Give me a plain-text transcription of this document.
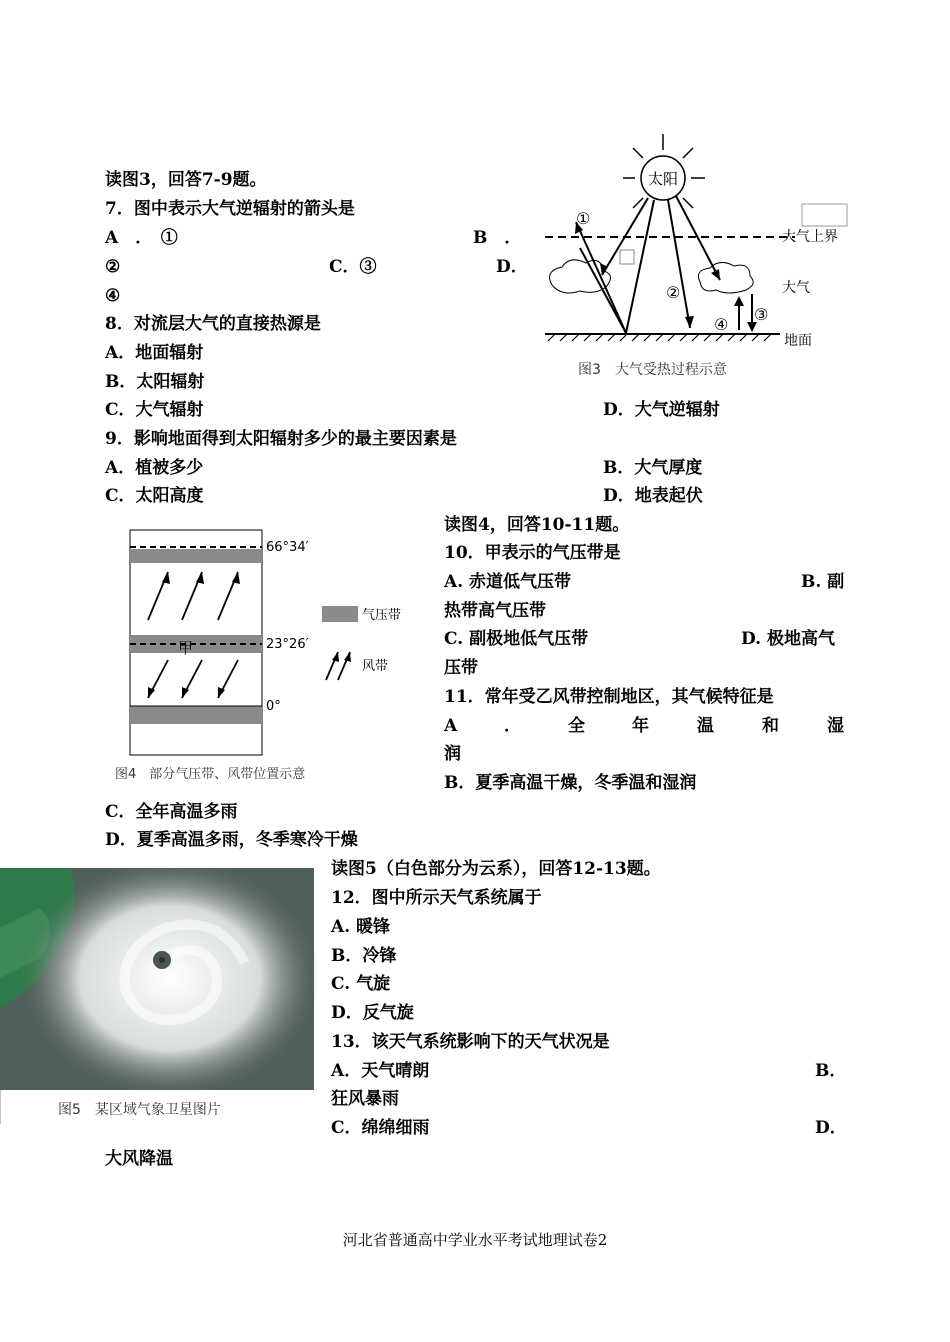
读图3，回答7-9题。
7．图中表示大气逆辐射的箭头是
A　．　①	B　．
②	C．③	D．
④
8．对流层大气的直接热源是
A．地面辐射
B．太阳辐射
C．大气辐射	D．大气逆辐射
9．影响地面得到太阳辐射多少的最主要因素是
A．植被多少	B．大气厚度
C．太阳高度	D．地表起伏
太阳
大气上界
大气
地面
①
②
③
④
图3　大气受热过程示意
甲
66°34′
23°26′
0°
气压带
风带
图4　部分气压带、风带位置示意
读图4，回答10-11题。
10．甲表示的气压带是
A. 赤道低气压带	B. 副
热带高气压带
C. 副极地低气压带	D. 极地高气
压带
11．常年受乙风带控制地区，其气候特征是
A	．	全	年	温	和	湿
润
B．夏季高温干燥，冬季温和湿润
C．全年高温多雨
D．夏季高温多雨，冬季寒冷干燥
图5　某区域气象卫星图片
读图5（白色部分为云系），回答12-13题。
12．图中所示天气系统属于
A. 暖锋
B．冷锋
C. 气旋
D．反气旋
13．该天气系统影响下的天气状况是
A．天气晴朗	B．
狂风暴雨
C．绵绵细雨	D．
大风降温
河北省普通高中学业水平考试地理试卷2
